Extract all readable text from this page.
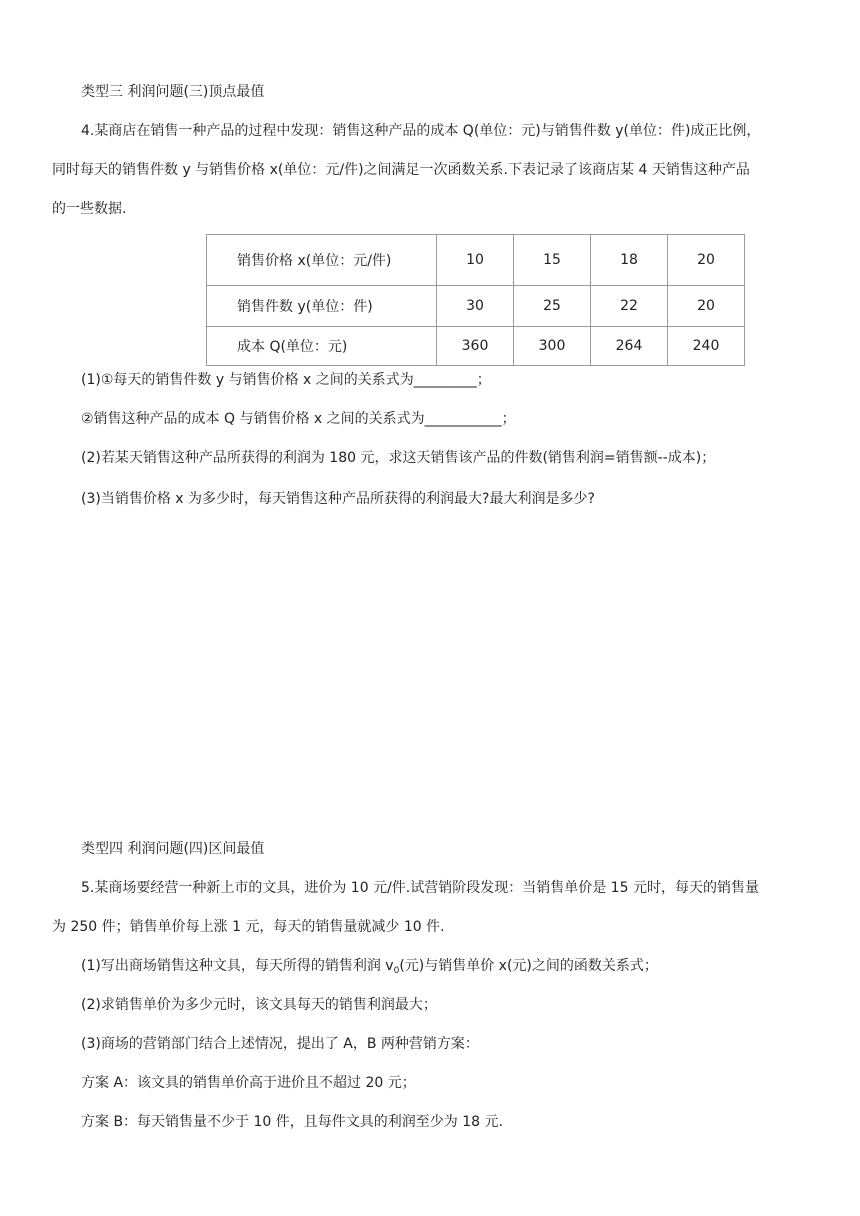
类型三 利润问题(三)顶点最值
4.某商店在销售一种产品的过程中发现：销售这种产品的成本 Q(单位：元)与销售件数 y(单位：件)成正比例，
同时每天的销售件数 y 与销售价格 x(单位：元/件)之间满足一次函数关系.下表记录了该商店某 4 天销售这种产品
的一些数据.
销售价格 x(单位：元/件)	10	15	18	20
销售件数 y(单位：件)	30	25	22	20
成本 Q(单位：元)	360	300	264	240
(1)①每天的销售件数 y 与销售价格 x 之间的关系式为_________；
②销售这种产品的成本 Q 与销售价格 x 之间的关系式为___________；
(2)若某天销售这种产品所获得的利润为 180 元，求这天销售该产品的件数(销售利润=销售额--成本)；
(3)当销售价格 x 为多少时，每天销售这种产品所获得的利润最大?最大利润是多少?
类型四 利润问题(四)区间最值
5.某商场要经营一种新上市的文具，进价为 10 元/件.试营销阶段发现：当销售单价是 15 元时，每天的销售量
为 250 件；销售单价每上涨 1 元，每天的销售量就减少 10 件.
(1)写出商场销售这种文具，每天所得的销售利润 $v_0$(元)与销售单价 x(元)之间的函数关系式；
(2)求销售单价为多少元时，该文具每天的销售利润最大；
(3)商场的营销部门结合上述情况，提出了 A，B 两种营销方案：
方案 A：该文具的销售单价高于进价且不超过 20 元；
方案 B：每天销售量不少于 10 件，且每件文具的利润至少为 18 元.
